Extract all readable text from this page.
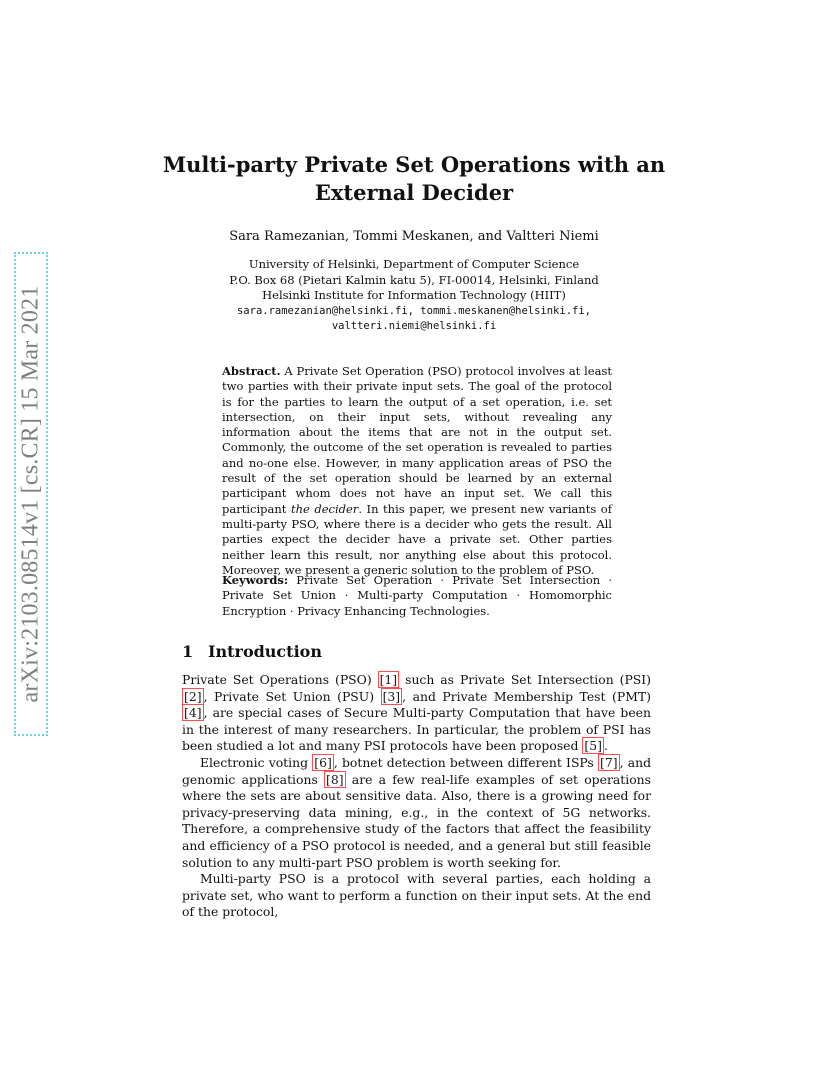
arXiv:2103.08514v1 [cs.CR] 15 Mar 2021
Multi-party Private Set Operations with an
External Decider
Sara Ramezanian, Tommi Meskanen, and Valtteri Niemi
University of Helsinki, Department of Computer Science
P.O. Box 68 (Pietari Kalmin katu 5), FI-00014, Helsinki, Finland
Helsinki Institute for Information Technology (HIIT)
sara.ramezanian@helsinki.fi, tommi.meskanen@helsinki.fi,
valtteri.niemi@helsinki.fi
Abstract. A Private Set Operation (PSO) protocol involves at least two parties with their private input sets. The goal of the protocol is for the parties to learn the output of a set operation, i.e. set intersection, on their input sets, without revealing any information about the items that are not in the output set. Commonly, the outcome of the set operation is revealed to parties and no-one else. However, in many application areas of PSO the result of the set operation should be learned by an external participant whom does not have an input set. We call this participant the decider. In this paper, we present new variants of multi-party PSO, where there is a decider who gets the result. All parties expect the decider have a private set. Other parties neither learn this result, nor anything else about this protocol. Moreover, we present a generic solution to the problem of PSO.
Keywords: Private Set Operation · Private Set Intersection · Private Set Union · Multi-party Computation · Homomorphic Encryption · Privacy Enhancing Technologies.
1 Introduction

Private Set Operations (PSO) [1] such as Private Set Intersection (PSI) [2] , Private Set Union (PSU) [3] , and Private Membership Test (PMT) [4] , are special cases of Secure Multi-party Computation that have been in the interest of many researchers. In particular, the problem of PSI has been studied a lot and many PSI protocols have been proposed [5] .

Electronic voting [6] , botnet detection between different ISPs [7] , and genomic applications [8] are a few real-life examples of set operations where the sets are about sensitive data. Also, there is a growing need for privacy-preserving data mining, e.g., in the context of 5G networks. Therefore, a comprehensive study of the factors that affect the feasibility and efficiency of a PSO protocol is needed, and a general but still feasible solution to any multi-part PSO problem is worth seeking for.

Multi-party PSO is a protocol with several parties, each holding a private set, who want to perform a function on their input sets. At the end of the protocol,
